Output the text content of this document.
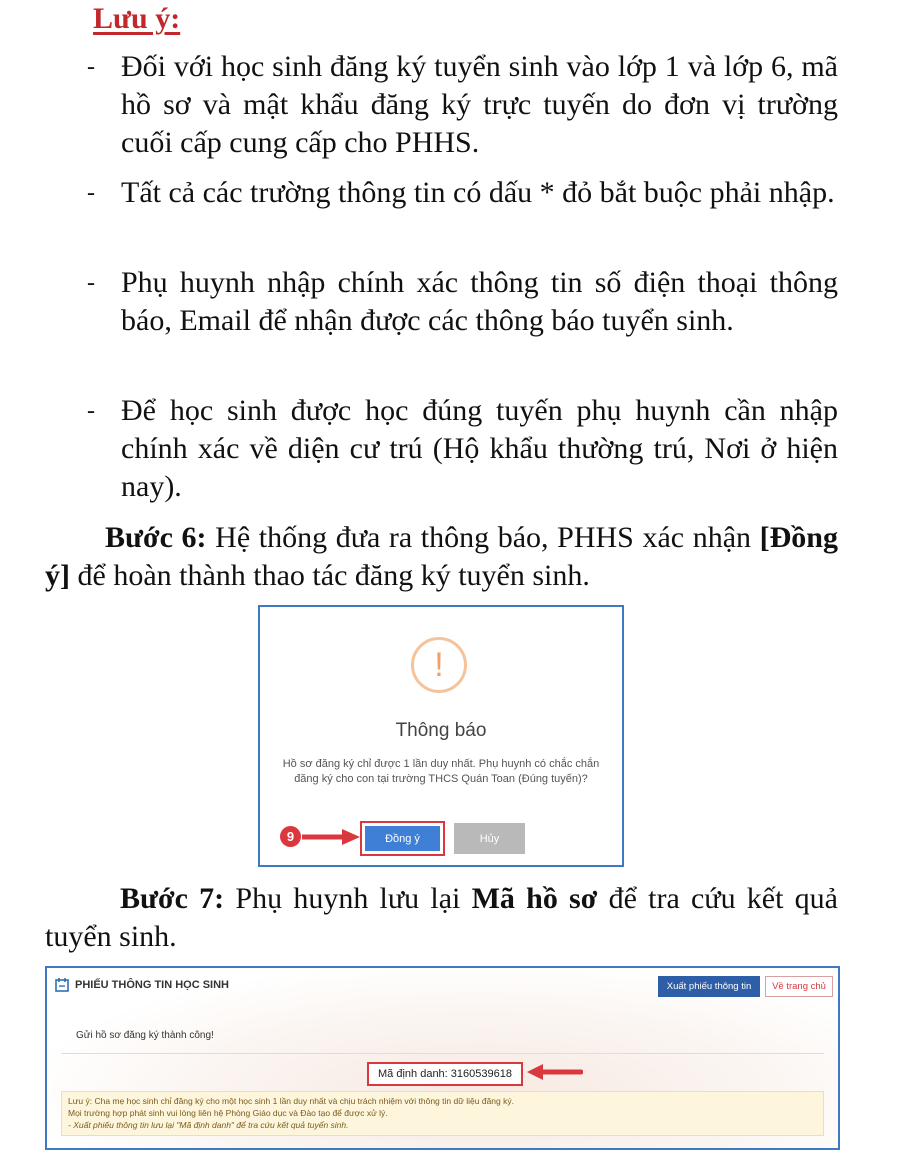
Lưu ý:
- Đối với học sinh đăng ký tuyển sinh vào lớp 1 và lớp 6, mã hồ sơ và mật khẩu đăng ký trực tuyến do đơn vị trường cuối cấp cung cấp cho PHHS.
- Tất cả các trường thông tin có dấu * đỏ bắt buộc phải nhập.
- Phụ huynh nhập chính xác thông tin số điện thoại thông báo, Email để nhận được các thông báo tuyển sinh.
- Để học sinh được học đúng tuyến phụ huynh cần nhập chính xác về diện cư trú (Hộ khẩu thường trú, Nơi ở hiện nay).
Bước 6: Hệ thống đưa ra thông báo, PHHS xác nhận [Đồng ý] để hoàn thành thao tác đăng ký tuyển sinh.
!
Thông báo
Hồ sơ đăng ký chỉ được 1 lần duy nhất. Phụ huynh có chắc chắn đăng ký cho con tại trường THCS Quán Toan (Đúng tuyến)?
9	Đồng ý	Hủy
Bước 7: Phụ huynh lưu lại Mã hồ sơ để tra cứu kết quả tuyển sinh.
PHIẾU THÔNG TIN HỌC SINH	Xuất phiếu thông tin	Về trang chủ
Gửi hồ sơ đăng ký thành công!
Mã định danh: 3160539618
Lưu ý: Cha mẹ học sinh chỉ đăng ký cho một học sinh 1 lần duy nhất và chịu trách nhiệm với thông tin dữ liệu đăng ký.
Mọi trường hợp phát sinh vui lòng liên hệ Phòng Giáo dục và Đào tạo để được xử lý.
- Xuất phiếu thông tin lưu lại "Mã định danh" để tra cứu kết quả tuyển sinh.
